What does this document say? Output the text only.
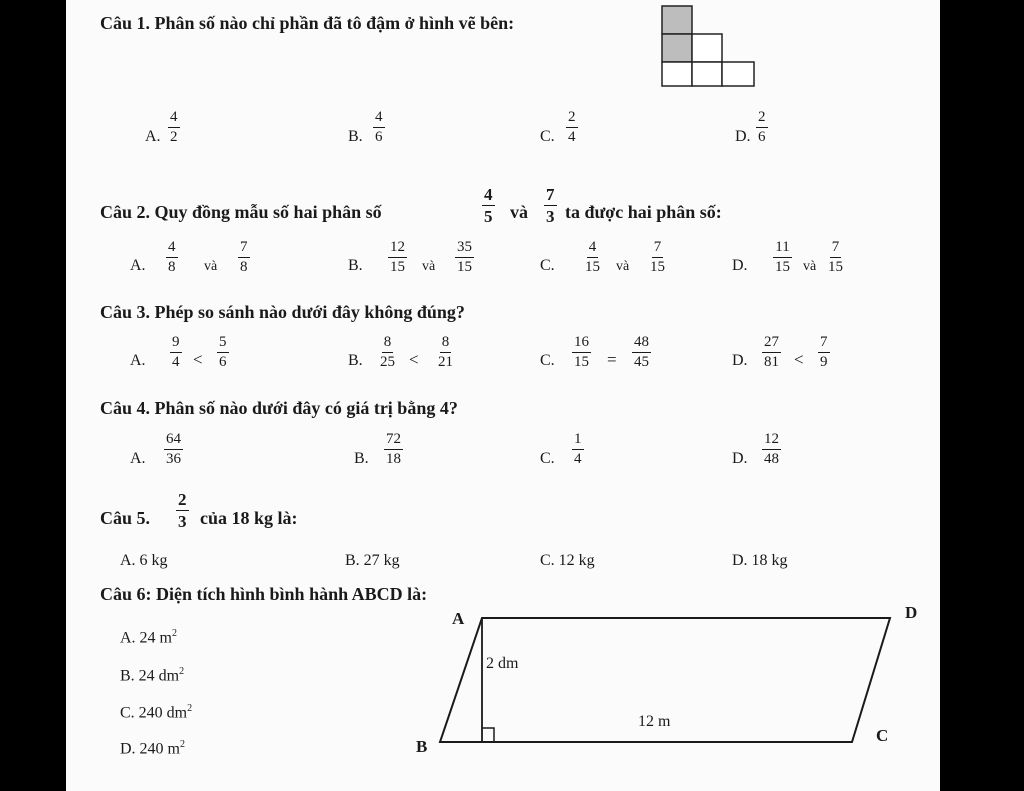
Câu 1. Phân số nào chỉ phần đã tô đậm ở hình vẽ bên:
A. $\frac{4}{2}$	B. $\frac{4}{6}$	C. $\frac{2}{4}$	D. $\frac{2}{6}$
Câu 2. Quy đồng mẫu số hai phân số	$\frac{4}{5}$ và $\frac{7}{3}$ ta được hai phân số:
A. $\frac{4}{8}$ và $\frac{7}{8}$	B. $\frac{12}{15}$ và $\frac{35}{15}$	C. $\frac{4}{15}$ và $\frac{7}{15}$	D. $\frac{11}{15}$ và $\frac{7}{15}$
Câu 3. Phép so sánh nào dưới đây không đúng?
A. $\frac{9}{4} < \frac{5}{6}$	B. $\frac{8}{25} < \frac{8}{21}$	C. $\frac{16}{15} = \frac{48}{45}$	D. $\frac{27}{81} < \frac{7}{9}$
Câu 4. Phân số nào dưới đây có giá trị bằng 4?
A. $\frac{64}{36}$	B. $\frac{72}{18}$	C. $\frac{1}{4}$	D. $\frac{12}{48}$
Câu 5. $\frac{2}{3}$ của 18 kg là:
A. 6 kg	B. 27 kg	C. 12 kg	D. 18 kg
Câu 6: Diện tích hình bình hành ABCD là:
A. 24 $m^2$
B. 24 $dm^2$
C. 240 $dm^2$
D. 240 $m^2$
A
B
C
D
2 dm
12 m
